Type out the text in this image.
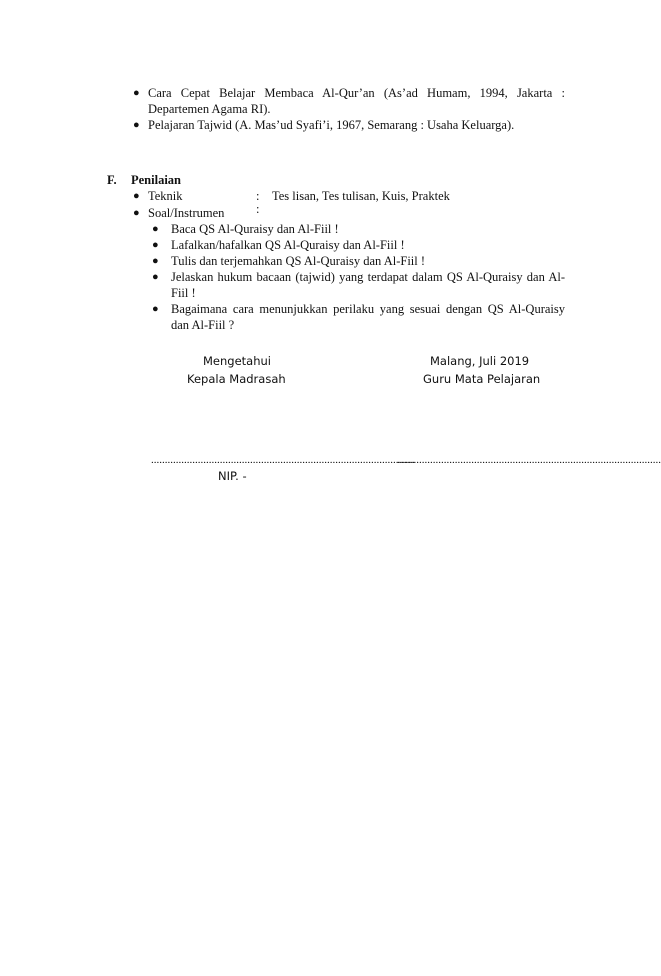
● Cara Cepat Belajar Membaca Al-Qur’an (As’ad Humam, 1994, Jakarta :
Departemen Agama RI).
● Pelajaran Tajwid (A. Mas’ud Syafi’i, 1967, Semarang : Usaha Keluarga).
F. Penilaian
● Teknik	: Tes lisan, Tes tulisan, Kuis, Praktek
● Soal/Instrumen	:
● Baca QS Al-Quraisy dan Al-Fiil !
● Lafalkan/hafalkan QS Al-Quraisy dan Al-Fiil !
● Tulis dan terjemahkan QS Al-Quraisy dan Al-Fiil !
● Jelaskan hukum bacaan (tajwid) yang terdapat dalam QS Al-Quraisy dan Al-
Fiil !
● Bagaimana cara menunjukkan perilaku yang sesuai dengan QS Al-Quraisy
dan Al-Fiil ?
Mengetahui
Kepala Madrasah
Malang, Juli 2019
Guru Mata Pelajaran
................................................................................................
................................................................................................
NIP. -
